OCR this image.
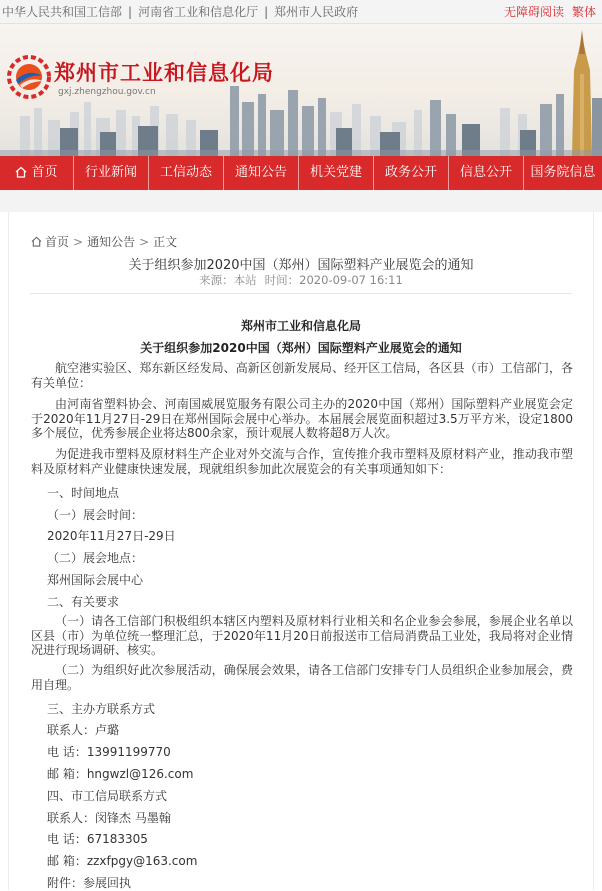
中华人民共和国工信部 | 河南省工业和信息化厅 | 郑州市人民政府	无障碍阅读 繁体
郑州市工业和信息化局
gxj.zhengzhou.gov.cn
首页	行业新闻	工信动态	通知公告	机关党建	政务公开	信息公开	国务院信息
首页 > 通知公告 > 正文
关于组织参加2020中国（郑州）国际塑料产业展览会的通知
来源：本站 时间：2020-09-07 16:11
郑州市工业和信息化局
关于组织参加2020中国（郑州）国际塑料产业展览会的通知
航空港实验区、郑东新区经发局、高新区创新发展局、经开区工信局，各区县（市）工信部门，各有关单位：
由河南省塑料协会、河南国威展览服务有限公司主办的2020中国（郑州）国际塑料产业展览会定于2020年11月27日-29日在郑州国际会展中心举办。本届展会展览面积超过3.5万平方米，设定1800多个展位，优秀参展企业将达800余家，预计观展人数将超8万人次。
为促进我市塑料及原材料生产企业对外交流与合作，宣传推介我市塑料及原材料产业，推动我市塑料及原材料产业健康快速发展，现就组织参加此次展览会的有关事项通知如下：
一、时间地点
（一）展会时间：
2020年11月27日-29日
（二）展会地点：
郑州国际会展中心
二、有关要求
（一）请各工信部门积极组织本辖区内塑料及原材料行业相关和名企业参会参展，参展企业名单以区县（市）为单位统一整理汇总，于2020年11月20日前报送市工信局消费品工业处，我局将对企业情况进行现场调研、核实。
（二）为组织好此次参展活动，确保展会效果，请各工信部门安排专门人员组织企业参加展会，费用自理。
三、主办方联系方式
联系人：卢璐
电 话：13991199770
邮 箱：hngwzl@126.com
四、市工信局联系方式
联系人：闵锋杰 马墨翰
电 话：67183305
邮 箱：zzxfpgy@163.com
附件：参展回执
